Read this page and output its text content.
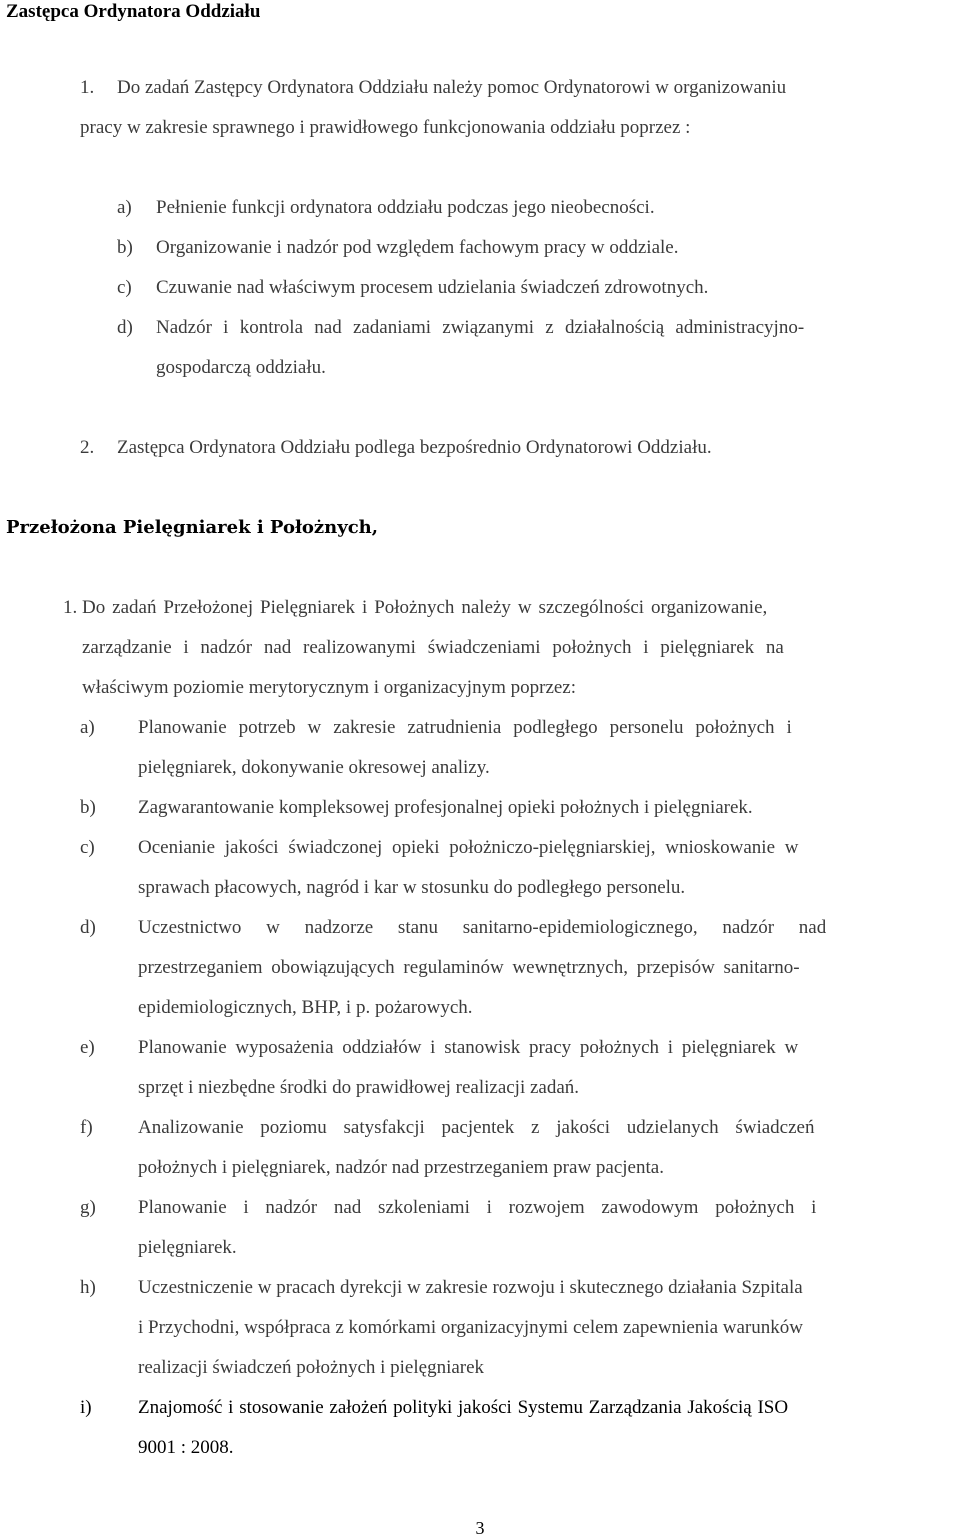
Zastępca Ordynatora Oddziału
1. Do zadań Zastępcy Ordynatora Oddziału należy pomoc Ordynatorowi w organizowaniu
pracy w zakresie sprawnego i prawidłowego funkcjonowania oddziału poprzez :
a) Pełnienie funkcji ordynatora oddziału podczas jego nieobecności.
b) Organizowanie i nadzór pod względem fachowym pracy w oddziale.
c) Czuwanie nad właściwym procesem udzielania świadczeń zdrowotnych.
d) Nadzór i kontrola nad zadaniami związanymi z działalnością administracyjno-
gospodarczą oddziału.
2. Zastępca Ordynatora Oddziału podlega bezpośrednio Ordynatorowi Oddziału.
Przełożona Pielęgniarek i Położnych,
1. Do zadań Przełożonej Pielęgniarek i Położnych należy w szczególności organizowanie,
zarządzanie i nadzór nad realizowanymi świadczeniami położnych i pielęgniarek na
właściwym poziomie merytorycznym i organizacyjnym poprzez:
a) Planowanie potrzeb w zakresie zatrudnienia podległego personelu położnych i
pielęgniarek, dokonywanie okresowej analizy.
b) Zagwarantowanie kompleksowej profesjonalnej opieki położnych i pielęgniarek.
c) Ocenianie jakości świadczonej opieki położniczo-pielęgniarskiej, wnioskowanie w
sprawach płacowych, nagród i kar w stosunku do podległego personelu.
d) Uczestnictwo w nadzorze stanu sanitarno-epidemiologicznego, nadzór nad
przestrzeganiem obowiązujących regulaminów wewnętrznych, przepisów sanitarno-
epidemiologicznych, BHP, i p. pożarowych.
e) Planowanie wyposażenia oddziałów i stanowisk pracy położnych i pielęgniarek w
sprzęt i niezbędne środki do prawidłowej realizacji zadań.
f) Analizowanie poziomu satysfakcji pacjentek z jakości udzielanych świadczeń
położnych i pielęgniarek, nadzór nad przestrzeganiem praw pacjenta.
g) Planowanie i nadzór nad szkoleniami i rozwojem zawodowym położnych i
pielęgniarek.
h) Uczestniczenie w pracach dyrekcji w zakresie rozwoju i skutecznego działania Szpitala
i Przychodni, współpraca z komórkami organizacyjnymi celem zapewnienia warunków
realizacji świadczeń położnych i pielęgniarek
i) Znajomość i stosowanie założeń polityki jakości Systemu Zarządzania Jakością ISO
9001 : 2008.
3
